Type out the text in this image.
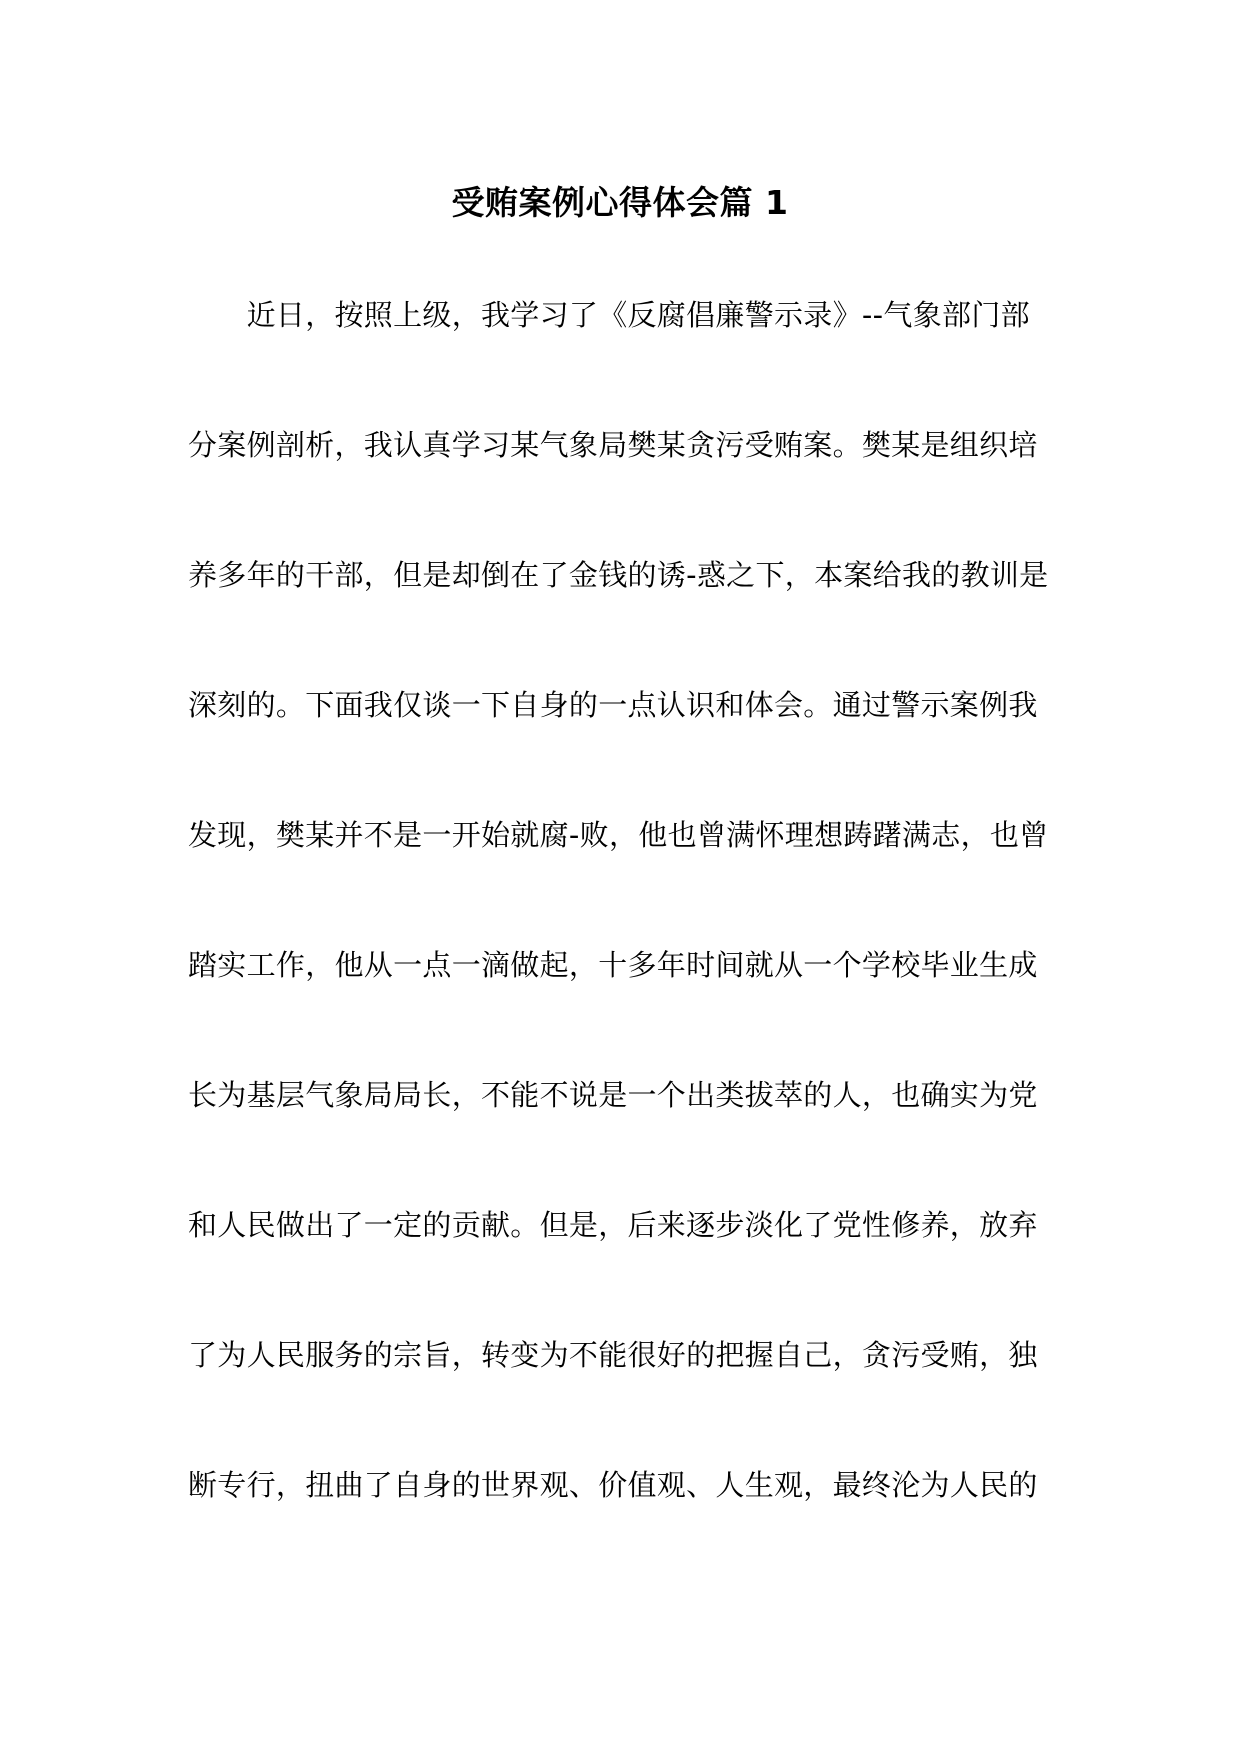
受贿案例心得体会篇 1
　　近日，按照上级，我学习了《反腐倡廉警示录》--气象部门部
分案例剖析，我认真学习某气象局樊某贪污受贿案。樊某是组织培
养多年的干部，但是却倒在了金钱的诱-惑之下，本案给我的教训是
深刻的。下面我仅谈一下自身的一点认识和体会。通过警示案例我
发现，樊某并不是一开始就腐-败，他也曾满怀理想踌躇满志，也曾
踏实工作，他从一点一滴做起，十多年时间就从一个学校毕业生成
长为基层气象局局长，不能不说是一个出类拔萃的人，也确实为党
和人民做出了一定的贡献。但是，后来逐步淡化了党性修养，放弃
了为人民服务的宗旨，转变为不能很好的把握自己，贪污受贿，独
断专行，扭曲了自身的世界观、价值观、人生观，最终沦为人民的
